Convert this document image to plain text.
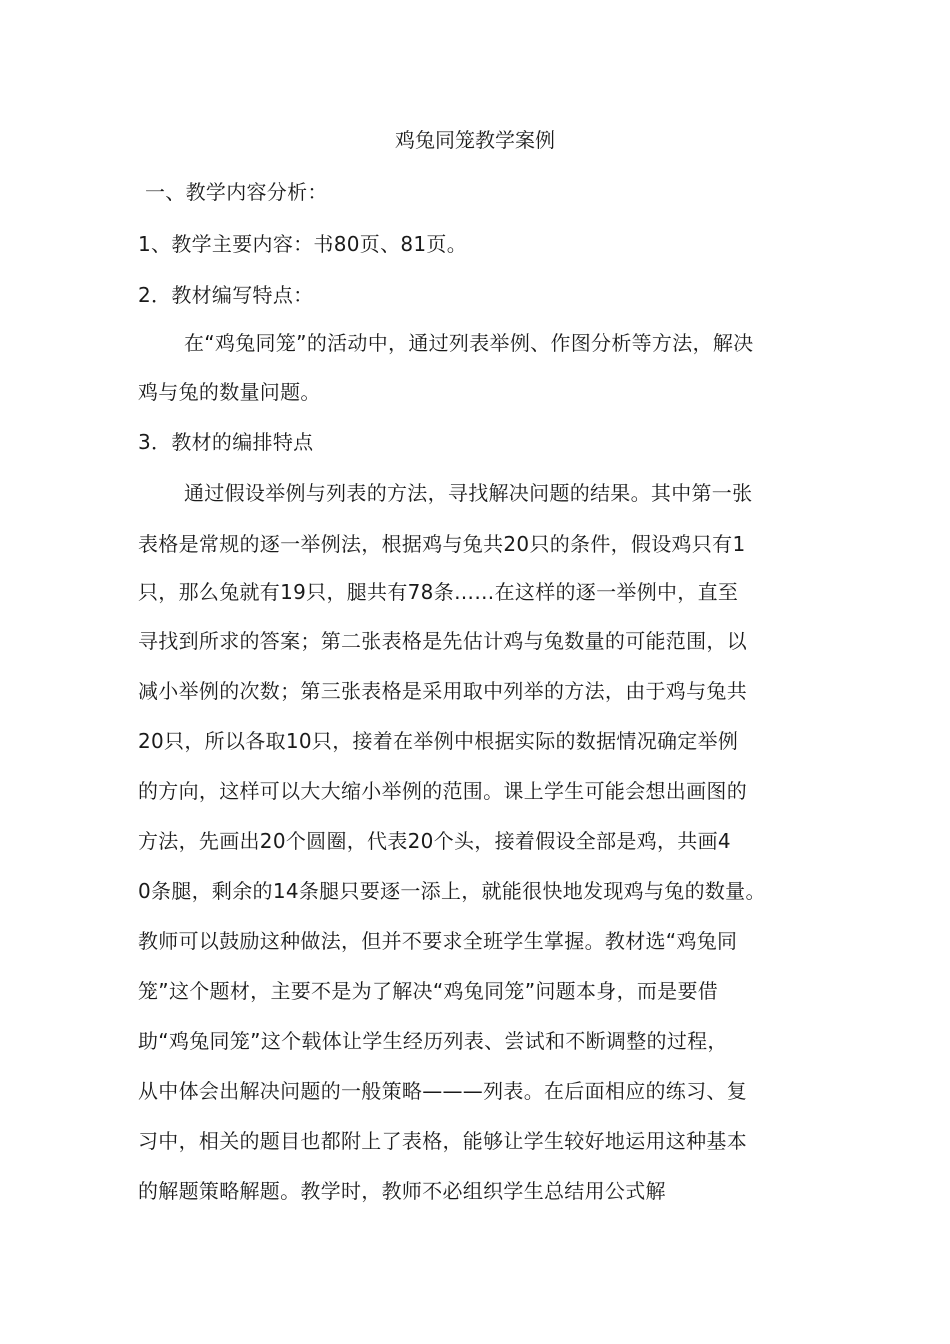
鸡兔同笼教学案例
一、教学内容分析：
1、教学主要内容：书80页、81页。
2．教材编写特点：
在“鸡兔同笼”的活动中，通过列表举例、作图分析等方法，解决
鸡与兔的数量问题。
3．教材的编排特点
通过假设举例与列表的方法，寻找解决问题的结果。其中第一张
表格是常规的逐一举例法，根据鸡与兔共20只的条件，假设鸡只有1
只，那么兔就有19只，腿共有78条……在这样的逐一举例中，直至
寻找到所求的答案；第二张表格是先估计鸡与兔数量的可能范围，以
减小举例的次数；第三张表格是采用取中列举的方法，由于鸡与兔共
20只，所以各取10只，接着在举例中根据实际的数据情况确定举例
的方向，这样可以大大缩小举例的范围。课上学生可能会想出画图的
方法，先画出20个圆圈，代表20个头，接着假设全部是鸡，共画4
0条腿，剩余的14条腿只要逐一添上，就能很快地发现鸡与兔的数量。
教师可以鼓励这种做法，但并不要求全班学生掌握。教材选“鸡兔同
笼”这个题材，主要不是为了解决“鸡兔同笼”问题本身，而是要借
助“鸡兔同笼”这个载体让学生经历列表、尝试和不断调整的过程，
从中体会出解决问题的一般策略———列表。在后面相应的练习、复
习中，相关的题目也都附上了表格，能够让学生较好地运用这种基本
的解题策略解题。教学时，教师不必组织学生总结用公式解
